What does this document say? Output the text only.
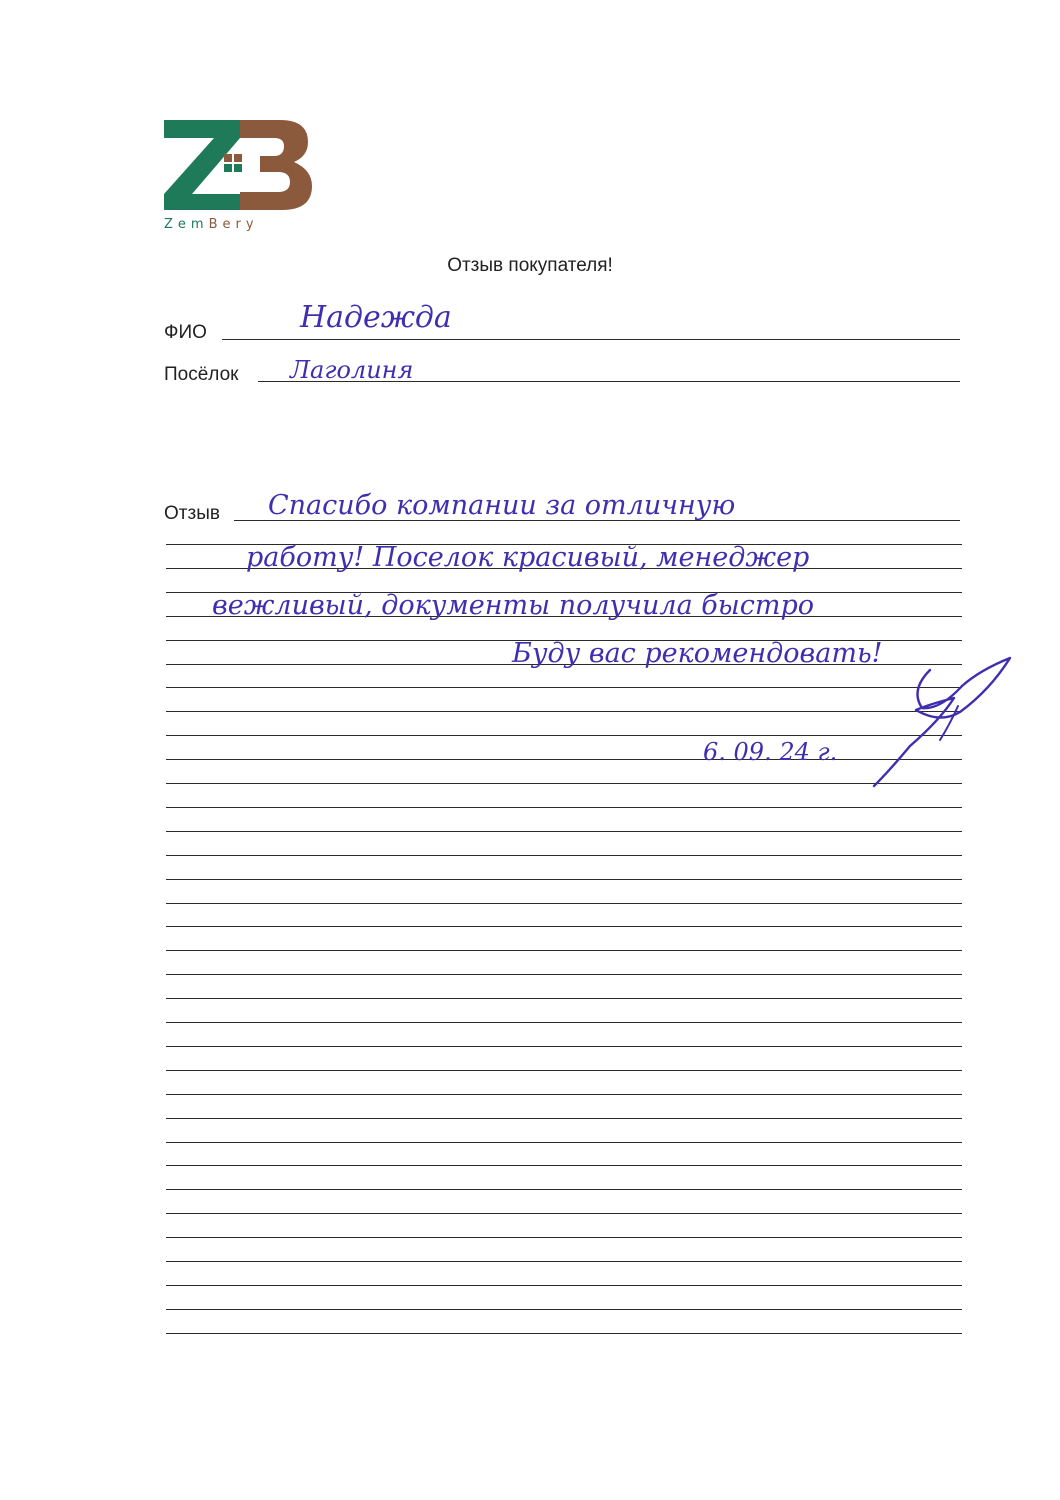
ZemBery
Отзыв покупателя!
ФИО	Надежда
Посёлок Лаголиня
Отзыв Спасибо компании за отличную
работу! Поселок красивый, менеджер
вежливый, документы получила быстро
Буду вас рекомендовать!
6. 09. 24 г.
